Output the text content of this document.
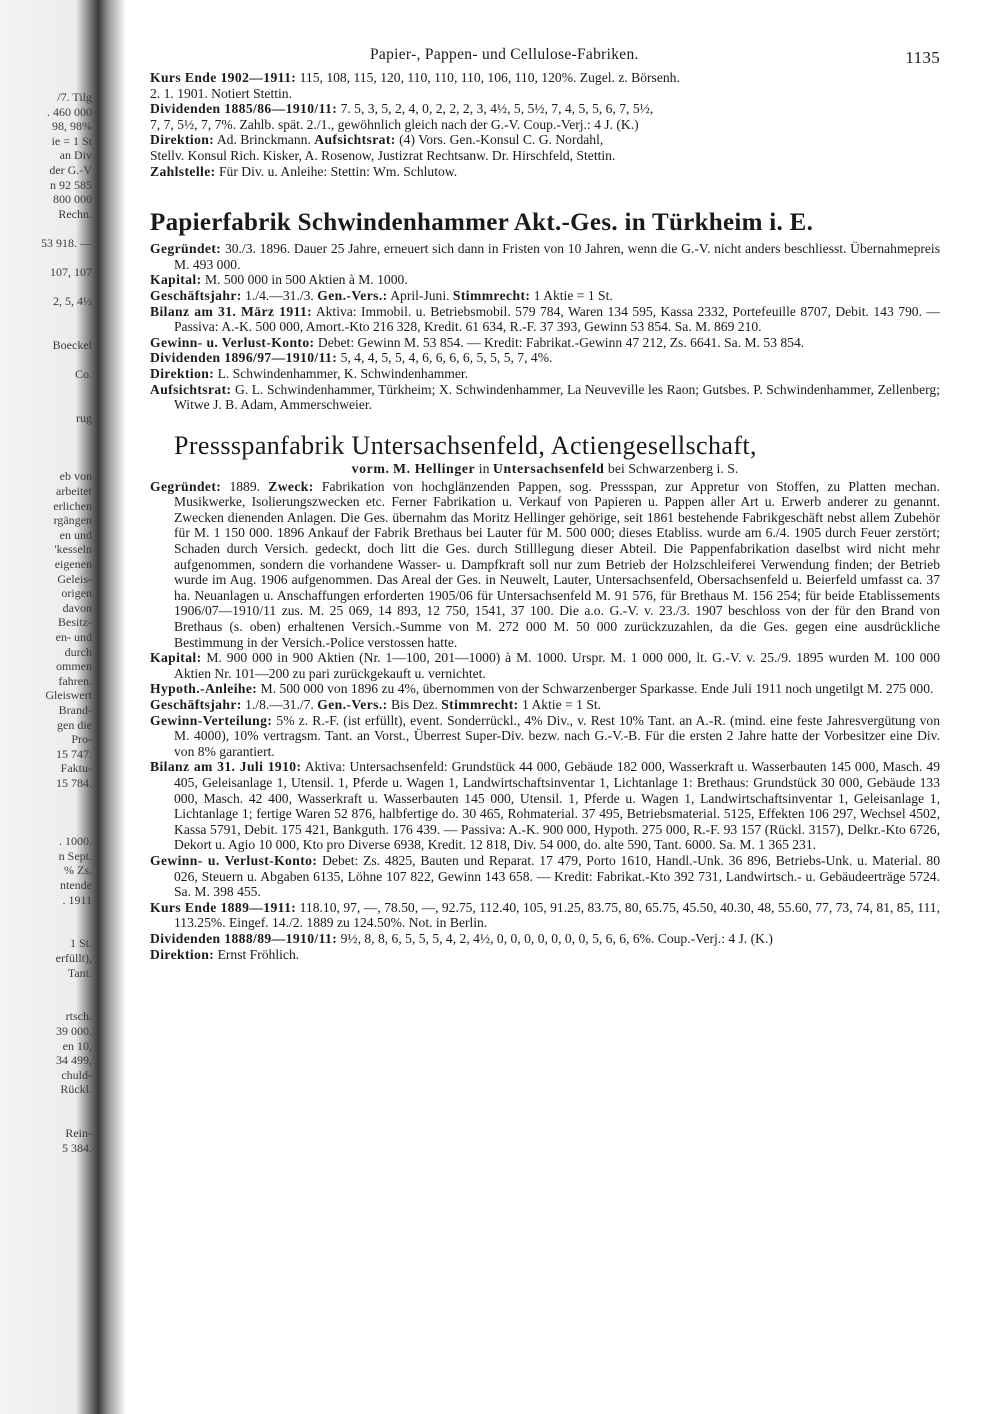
/7. Tilg
. 460 000
98, 98%
ie = 1 St
an Div
der G.-V
n 92 585
800 000
Rechn.
53 918. —
107, 107
2, 5, 4½
Boeckel
Co.
rug
eb von
arbeitet
erlichen
rgängen
en und
'kesseln
eigenen
Geleis-
origen
davon
Besitz-
en- und
durch
ommen
fahren.
Gleiswert
Brand-
gen die
Pro-
15 747.
Faktu-
15 784.
. 1000.
n Sept.
% Zs.
ntende
. 1911
1 St.
erfüllt),
Tant.
rtsch.
39 000.
en 10,
34 499,
chuld-
Rückl.
Rein-
5 384.
Papier-, Pappen- und Cellulose-Fabriken.	1135

Kurs Ende 1902—1911: 115, 108, 115, 120, 110, 110, 110, 106, 110, 120%. Zugel. z. Börsenh.

2. 1. 1901. Notiert Stettin.

Dividenden 1885/86—1910/11: 7. 5, 3, 5, 2, 4, 0, 2, 2, 2, 3, 4½, 5, 5½, 7, 4, 5, 5, 6, 7, 5½,

7, 7, 5½, 7, 7%. Zahlb. spät. 2./1., gewöhnlich gleich nach der G.-V. Coup.-Verj.: 4 J. (K.)

Direktion: Ad. Brinckmann. Aufsichtsrat: (4) Vors. Gen.-Konsul C. G. Nordahl,

Stellv. Konsul Rich. Kisker, A. Rosenow, Justizrat Rechtsanw. Dr. Hirschfeld, Stettin.

Zahlstelle: Für Div. u. Anleihe: Stettin: Wm. Schlutow.

Papierfabrik Schwindenhammer Akt.-Ges. in Türkheim i. E.

Gegründet: 30./3. 1896. Dauer 25 Jahre, erneuert sich dann in Fristen von 10 Jahren, wenn die G.-V. nicht anders beschliesst. Übernahmepreis M. 493 000.

Kapital: M. 500 000 in 500 Aktien à M. 1000.

Geschäftsjahr: 1./4.—31./3. Gen.-Vers.: April-Juni. Stimmrecht: 1 Aktie = 1 St.

Bilanz am 31. März 1911: Aktiva: Immobil. u. Betriebsmobil. 579 784, Waren 134 595, Kassa 2332, Portefeuille 8707, Debit. 143 790. — Passiva: A.-K. 500 000, Amort.-Kto 216 328, Kredit. 61 634, R.-F. 37 393, Gewinn 53 854. Sa. M. 869 210.

Gewinn- u. Verlust-Konto: Debet: Gewinn M. 53 854. — Kredit: Fabrikat.-Gewinn 47 212, Zs. 6641. Sa. M. 53 854.

Dividenden 1896/97—1910/11: 5, 4, 4, 5, 5, 4, 6, 6, 6, 6, 5, 5, 5, 7, 4%.

Direktion: L. Schwindenhammer, K. Schwindenhammer.

Aufsichtsrat: G. L. Schwindenhammer, Türkheim; X. Schwindenhammer, La Neuveville les Raon; Gutsbes. P. Schwindenhammer, Zellenberg; Witwe J. B. Adam, Ammerschweier.

Pressspanfabrik Untersachsenfeld, Actiengesellschaft,
vorm. M. Hellinger in Untersachsenfeld bei Schwarzenberg i. S.

Gegründet: 1889. Zweck: Fabrikation von hochglänzenden Pappen, sog. Pressspan, zur Appretur von Stoffen, zu Platten mechan. Musikwerke, Isolierungszwecken etc. Ferner Fabrikation u. Verkauf von Papieren u. Pappen aller Art u. Erwerb anderer zu genannt. Zwecken dienenden Anlagen. Die Ges. übernahm das Moritz Hellinger gehörige, seit 1861 bestehende Fabrikgeschäft nebst allem Zubehör für M. 1 150 000. 1896 Ankauf der Fabrik Brethaus bei Lauter für M. 500 000; dieses Etabliss. wurde am 6./4. 1905 durch Feuer zerstört; Schaden durch Versich. gedeckt, doch litt die Ges. durch Stilllegung dieser Abteil. Die Pappenfabrikation daselbst wird nicht mehr aufgenommen, sondern die vorhandene Wasser- u. Dampfkraft soll nur zum Betrieb der Holzschleiferei Verwendung finden; der Betrieb wurde im Aug. 1906 aufgenommen. Das Areal der Ges. in Neuwelt, Lauter, Untersachsenfeld, Obersachsenfeld u. Beierfeld umfasst ca. 37 ha. Neuanlagen u. Anschaffungen erforderten 1905/06 für Untersachsenfeld M. 91 576, für Brethaus M. 156 254; für beide Etablissements 1906/07—1910/11 zus. M. 25 069, 14 893, 12 750, 1541, 37 100. Die a.o. G.-V. v. 23./3. 1907 beschloss von der für den Brand von Brethaus (s. oben) erhaltenen Versich.-Summe von M. 272 000 M. 50 000 zurückzuzahlen, da die Ges. gegen eine ausdrückliche Bestimmung in der Versich.-Police verstossen hatte.

Kapital: M. 900 000 in 900 Aktien (Nr. 1—100, 201—1000) à M. 1000. Urspr. M. 1 000 000, lt. G.-V. v. 25./9. 1895 wurden M. 100 000 Aktien Nr. 101—200 zu pari zurückgekauft u. vernichtet.

Hypoth.-Anleihe: M. 500 000 von 1896 zu 4%, übernommen von der Schwarzenberger Sparkasse. Ende Juli 1911 noch ungetilgt M. 275 000.

Geschäftsjahr: 1./8.—31./7. Gen.-Vers.: Bis Dez. Stimmrecht: 1 Aktie = 1 St.

Gewinn-Verteilung: 5% z. R.-F. (ist erfüllt), event. Sonderrückl., 4% Div., v. Rest 10% Tant. an A.-R. (mind. eine feste Jahresvergütung von M. 4000), 10% vertragsm. Tant. an Vorst., Überrest Super-Div. bezw. nach G.-V.-B. Für die ersten 2 Jahre hatte der Vorbesitzer eine Div. von 8% garantiert.

Bilanz am 31. Juli 1910: Aktiva: Untersachsenfeld: Grundstück 44 000, Gebäude 182 000, Wasserkraft u. Wasserbauten 145 000, Masch. 49 405, Geleisanlage 1, Utensil. 1, Pferde u. Wagen 1, Landwirtschaftsinventar 1, Lichtanlage 1: Brethaus: Grundstück 30 000, Gebäude 133 000, Masch. 42 400, Wasserkraft u. Wasserbauten 145 000, Utensil. 1, Pferde u. Wagen 1, Landwirtschaftsinventar 1, Geleisanlage 1, Lichtanlage 1; fertige Waren 52 876, halbfertige do. 30 465, Rohmaterial. 37 495, Betriebsmaterial. 5125, Effekten 106 297, Wechsel 4502, Kassa 5791, Debit. 175 421, Bankguth. 176 439. — Passiva: A.-K. 900 000, Hypoth. 275 000, R.-F. 93 157 (Rückl. 3157), Delkr.-Kto 6726, Dekort u. Agio 10 000, Kto pro Diverse 6938, Kredit. 12 818, Div. 54 000, do. alte 590, Tant. 6000. Sa. M. 1 365 231.

Gewinn- u. Verlust-Konto: Debet: Zs. 4825, Bauten und Reparat. 17 479, Porto 1610, Handl.-Unk. 36 896, Betriebs-Unk. u. Material. 80 026, Steuern u. Abgaben 6135, Löhne 107 822, Gewinn 143 658. — Kredit: Fabrikat.-Kto 392 731, Landwirtsch.- u. Gebäudeerträge 5724. Sa. M. 398 455.

Kurs Ende 1889—1911: 118.10, 97, —, 78.50, —, 92.75, 112.40, 105, 91.25, 83.75, 80, 65.75, 45.50, 40.30, 48, 55.60, 77, 73, 74, 81, 85, 111, 113.25%. Eingef. 14./2. 1889 zu 124.50%. Not. in Berlin.

Dividenden 1888/89—1910/11: 9½, 8, 8, 6, 5, 5, 5, 4, 2, 4½, 0, 0, 0, 0, 0, 0, 0, 5, 6, 6, 6%. Coup.-Verj.: 4 J. (K.)

Direktion: Ernst Fröhlich.
